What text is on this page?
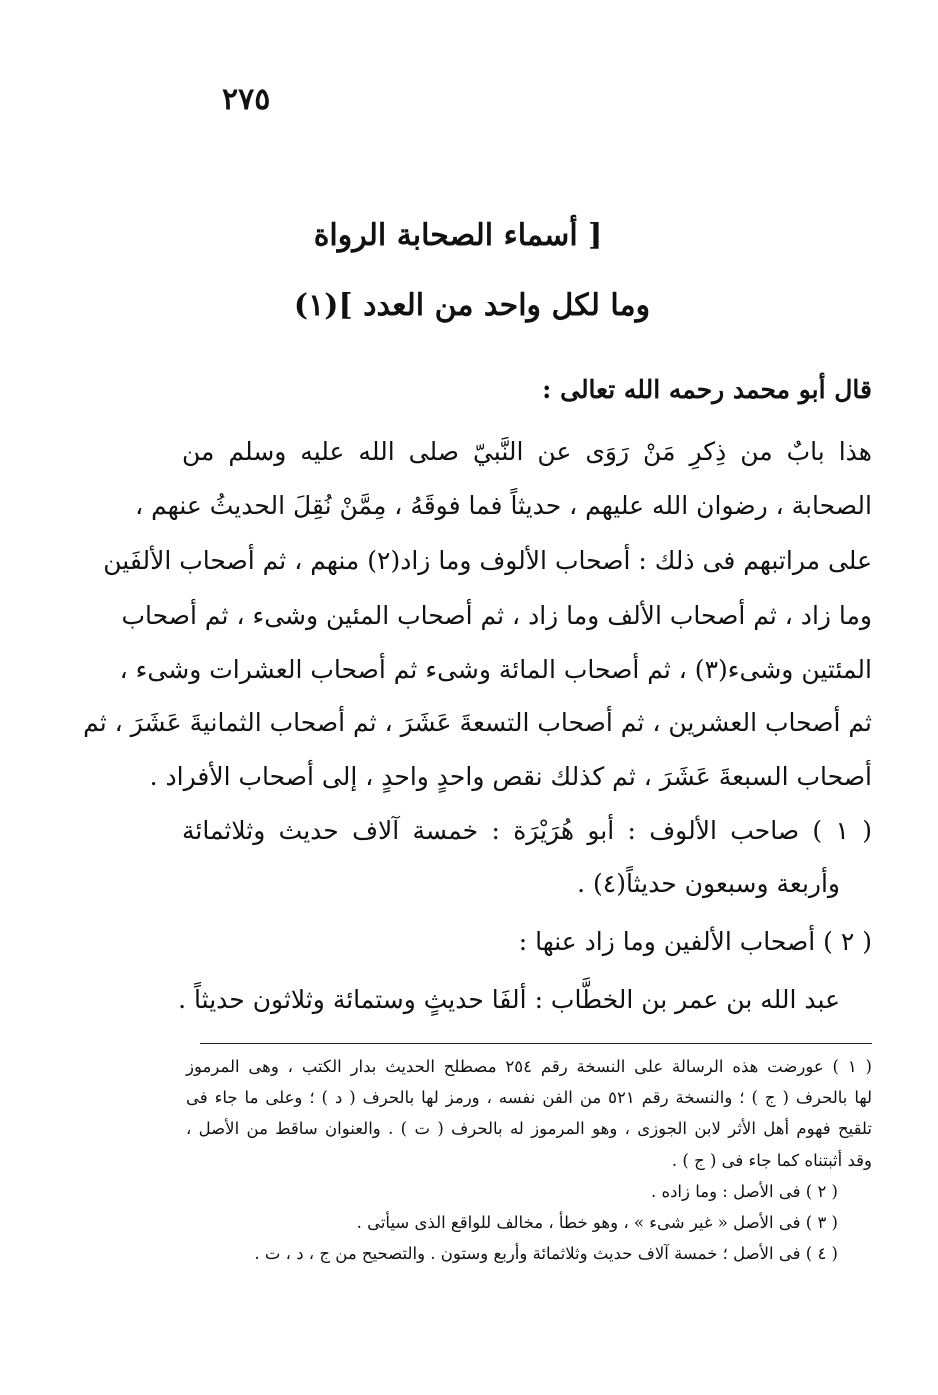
٢٧٥
[ أسماء الصحابة الرواة
وما لكل واحد من العدد ](١)
قال أبو محمد رحمه الله تعالى :
هذا بابٌ من ذِكرِ مَنْ رَوَى عن النَّبيّ صلى الله عليه وسلم من
الصحابة ، رضوان الله عليهم ، حديثاً فما فوقَهُ ، مِمَّنْ نُقِلَ الحديثُ عنهم ،
على مراتبهم فى ذلك : أصحاب الألوف وما زاد(٢) منهم ، ثم أصحاب الألفَين
وما زاد ، ثم أصحاب الألف وما زاد ، ثم أصحاب المئين وشىء ، ثم أصحاب
المئتين وشىء(٣) ، ثم أصحاب المائة وشىء ثم أصحاب العشرات وشىء ،
ثم أصحاب العشرين ، ثم أصحاب التسعةَ عَشَرَ ، ثم أصحاب الثمانيةَ عَشَرَ ، ثم
أصحاب السبعةَ عَشَرَ ، ثم كذلك نقص واحدٍ واحدٍ ، إلى أصحاب الأفراد .
( ١ ) صاحب الألوف : أبو هُرَيْرَة : خمسة آلاف حديث وثلاثمائة
وأربعة وسبعون حديثاً(٤) .
( ٢ ) أصحاب الألفين وما زاد عنها :
عبد الله بن عمر بن الخطَّاب : ألفَا حديثٍ وستمائة وثلاثون حديثاً .
( ١ ) عورضت هذه الرسالة على النسخة رقم ٢٥٤ مصطلح الحديث بدار الكتب ، وهى المرموز
لها بالحرف ( ج ) ؛ والنسخة رقم ٥٢١ من الفن نفسه ، ورمز لها بالحرف ( د ) ؛ وعلى ما جاء فى
تلقيح فهوم أهل الأثر لابن الجوزى ، وهو المرموز له بالحرف ( ت ) . والعنوان ساقط من الأصل ،
وقد أثبتناه كما جاء فى ( ج ) .
( ٢ ) فى الأصل : وما زاده .
( ٣ ) فى الأصل « غير شىء » ، وهو خطأ ، مخالف للواقع الذى سيأتى .
( ٤ ) فى الأصل ؛ خمسة آلاف حديث وثلاثمائة وأربع وستون . والتصحيح من ج ، د ، ت .
